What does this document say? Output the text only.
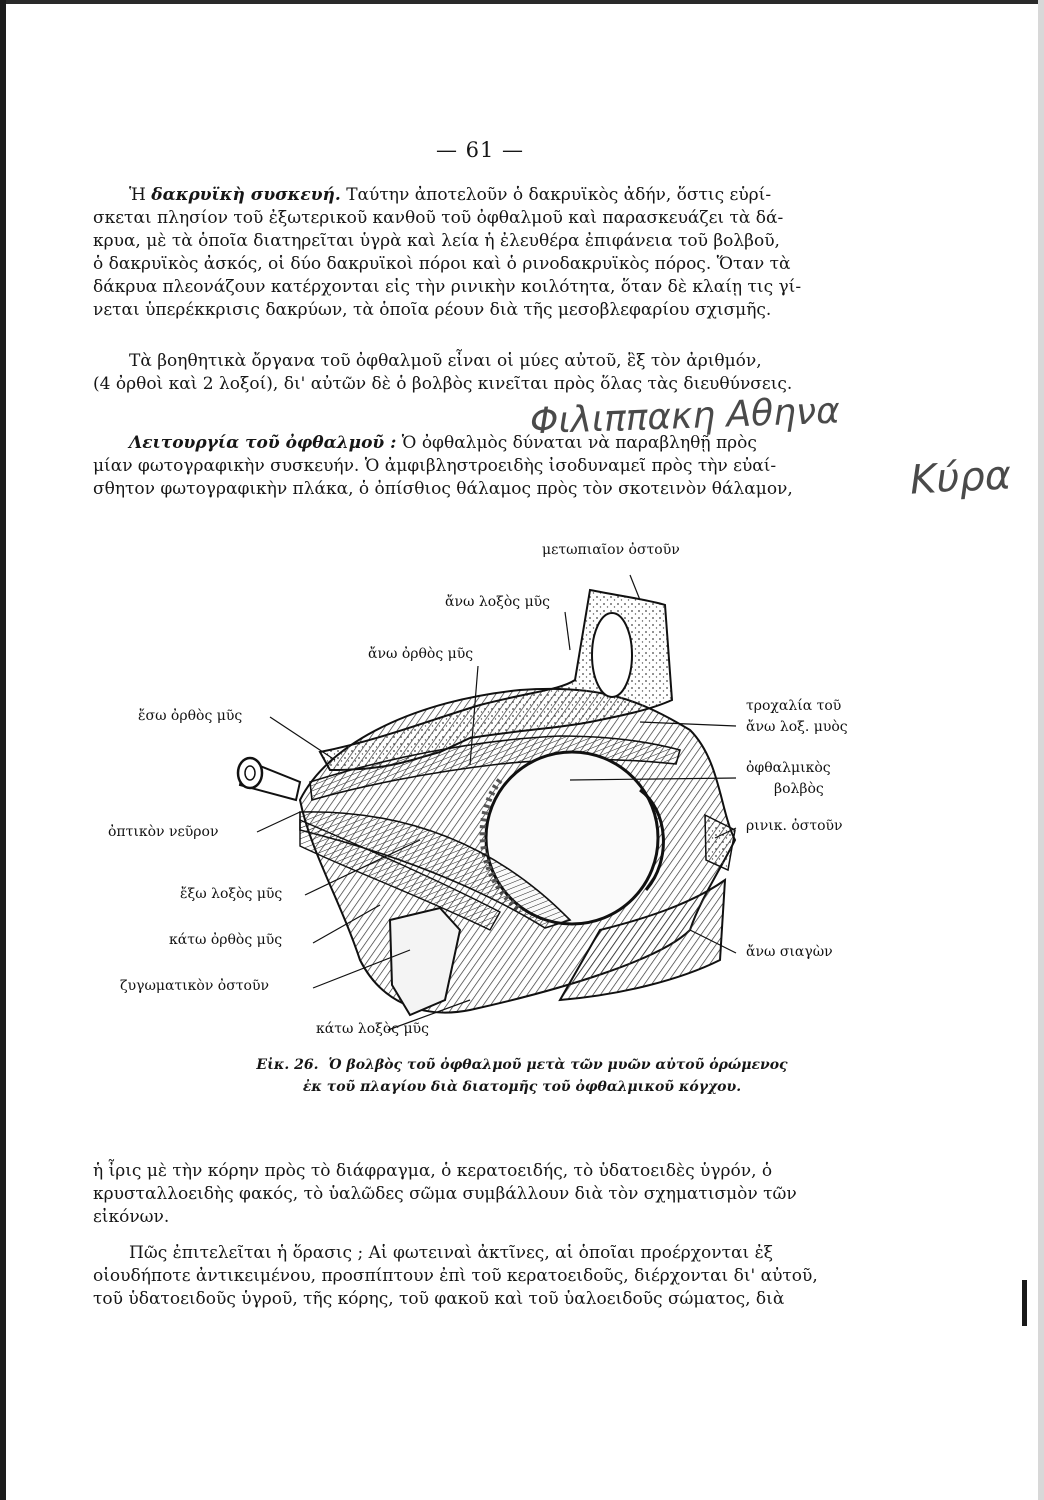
— 61 —
Ἡ δακρυϊκὴ συσκευή. Ταύτην ἀποτελοῦν ὁ δακρυϊκὸς ἀδήν, ὅστις εὑρί-
σκεται πλησίον τοῦ ἐξωτερικοῦ κανθοῦ τοῦ ὀφθαλμοῦ καὶ παρασκευάζει τὰ δά-
κρυα, μὲ τὰ ὁποῖα διατηρεῖται ὑγρὰ καὶ λεία ἡ ἐλευθέρα ἐπιφάνεια τοῦ βολβοῦ,
ὁ δακρυϊκὸς ἀσκός, οἱ δύο δακρυϊκοὶ πόροι καὶ ὁ ρινοδακρυϊκὸς πόρος. Ὅταν τὰ
δάκρυα πλεονάζουν κατέρχονται εἰς τὴν ρινικὴν κοιλότητα, ὅταν δὲ κλαίῃ τις γί-
νεται ὑπερέκκρισις δακρύων, τὰ ὁποῖα ρέουν διὰ τῆς μεσοβλεφαρίου σχισμῆς.
Τὰ βοηθητικὰ ὄργανα τοῦ ὀφθαλμοῦ εἶναι οἱ μύες αὐτοῦ, ἓξ τὸν ἀριθμόν,
(4 ὀρθοὶ καὶ 2 λοξοί), δι' αὐτῶν δὲ ὁ βολβὸς κινεῖται πρὸς ὅλας τὰς διευθύνσεις.
Λειτουργία τοῦ ὀφθαλμοῦ : Ὁ ὀφθαλμὸς δύναται νὰ παραβληθῇ πρὸς
μίαν φωτογραφικὴν συσκευήν. Ὁ ἀμφιβληστροειδὴς ἰσοδυναμεῖ πρὸς τὴν εὐαί-
σθητον φωτογραφικὴν πλάκα, ὁ ὀπίσθιος θάλαμος πρὸς τὸν σκοτεινὸν θάλαμον,
Φιλιππακη Αθηνα
Κύρα
μετωπιαῖον ὀστοῦν
ἄνω λοξὸς μῦς
ἄνω ὀρθὸς μῦς
ἔσω ὀρθὸς μῦς
τροχαλία τοῦ
ἄνω λοξ. μυὸς
ὀφθαλμικὸς
βολβὸς
ρινικ. ὀστοῦν
ὀπτικὸν νεῦρον
ἔξω λοξὸς μῦς
κάτω ὀρθὸς μῦς
ζυγωματικὸν ὀστοῦν
ἄνω σιαγὼν
κάτω λοξὸς μῦς
Εἰκ. 26. Ὁ βολβὸς τοῦ ὀφθαλμοῦ μετὰ τῶν μυῶν αὐτοῦ ὁρώμενος
ἐκ τοῦ πλαγίου διὰ διατομῆς τοῦ ὀφθαλμικοῦ κόγχου.
ἡ ἶρις μὲ τὴν κόρην πρὸς τὸ διάφραγμα, ὁ κερατοειδής, τὸ ὑδατοειδὲς ὑγρόν, ὁ
κρυσταλλοειδὴς φακός, τὸ ὑαλῶδες σῶμα συμβάλλουν διὰ τὸν σχηματισμὸν τῶν
εἰκόνων.
Πῶς ἐπιτελεῖται ἡ ὅρασις ; Αἱ φωτειναὶ ἀκτῖνες, αἱ ὁποῖαι προέρχονται ἐξ
οἱουδήποτε ἀντικειμένου, προσπίπτουν ἐπὶ τοῦ κερατοειδοῦς, διέρχονται δι' αὐτοῦ,
τοῦ ὑδατοειδοῦς ὑγροῦ, τῆς κόρης, τοῦ φακοῦ καὶ τοῦ ὑαλοειδοῦς σώματος, διὰ
